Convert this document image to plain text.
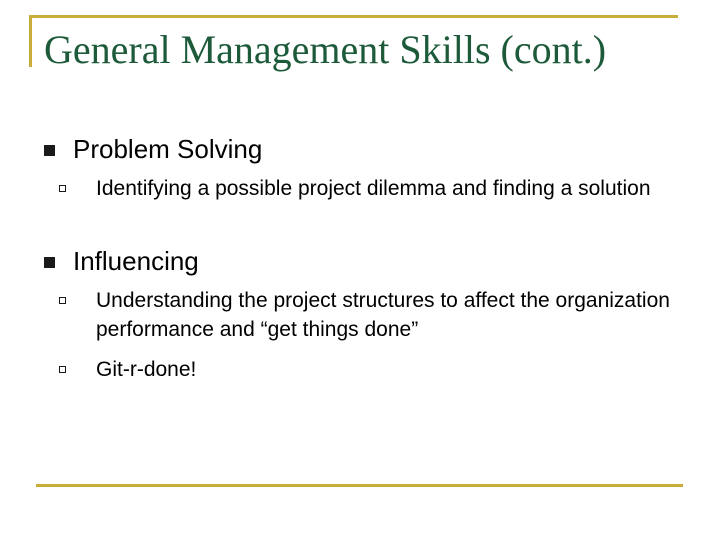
General Management Skills (cont.)

Problem Solving

Identifying a possible project dilemma and finding a solution

Influencing

Understanding the project structures to affect the organization performance and “get things done”

Git-r-done!
